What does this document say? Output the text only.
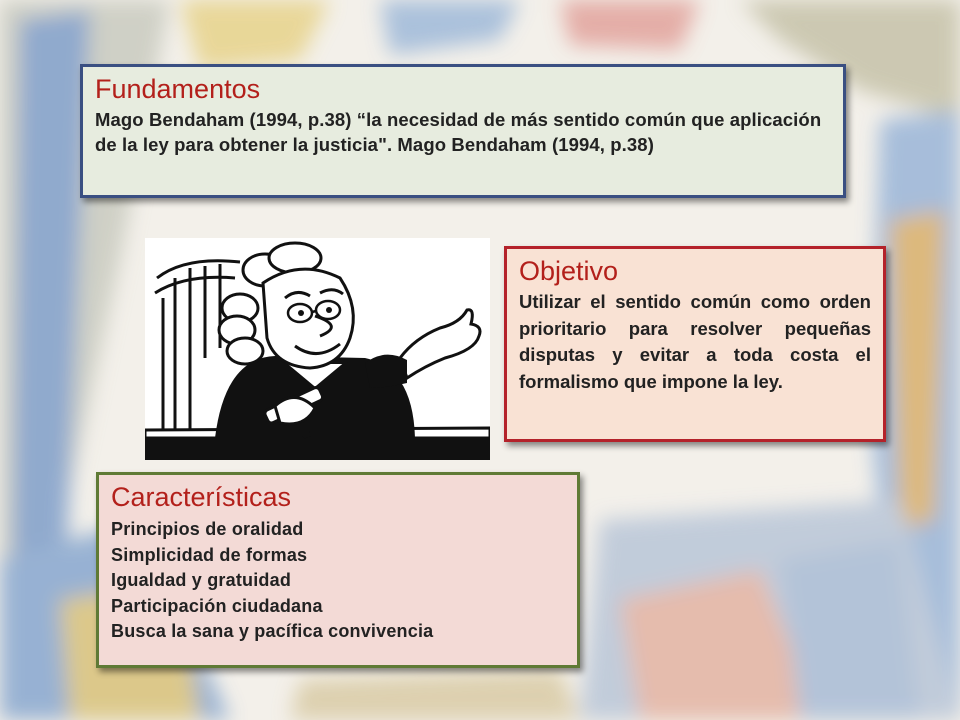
Fundamentos

Mago Bendaham (1994, p.38) “la necesidad de más sentido común que aplicación de la ley para obtener la justicia". Mago Bendaham (1994, p.38)

Objetivo

Utilizar el sentido común como orden prioritario para resolver pequeñas disputas y evitar a toda costa el formalismo que impone la ley.

Características
Principios de oralidad
Simplicidad de formas
Igualdad y gratuidad
Participación ciudadana
Busca la sana y pacífica convivencia
